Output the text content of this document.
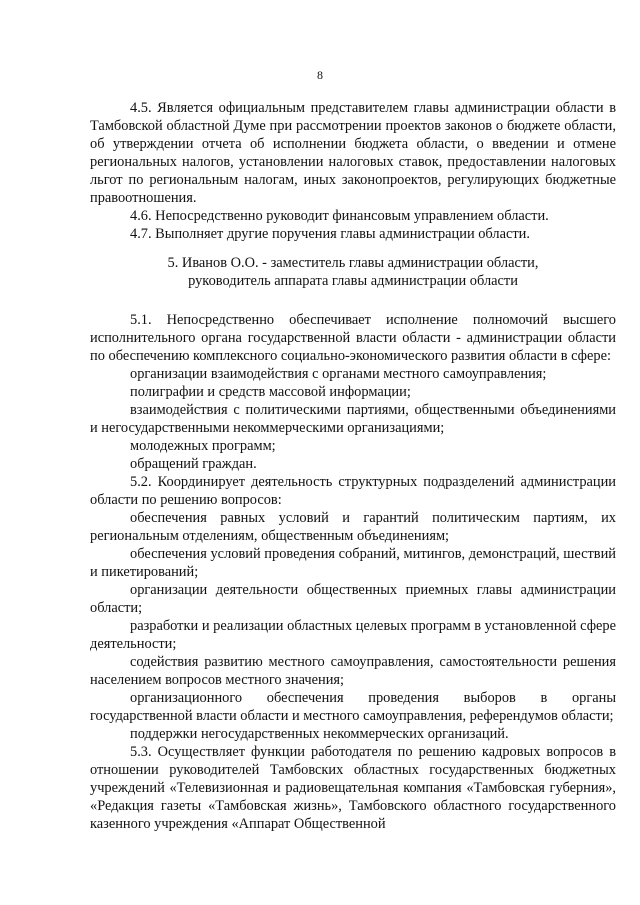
8

4.5. Является официальным представителем главы администрации области в Тамбовской областной Думе при рассмотрении проектов законов о бюджете области, об утверждении отчета об исполнении бюджета области, о введении и отмене региональных налогов, установлении налоговых ставок, предоставлении налоговых льгот по региональным налогам, иных законопроектов, регулирующих бюджетные правоотношения.

4.6. Непосредственно руководит финансовым управлением области.

4.7. Выполняет другие поручения главы администрации области.

5. Иванов О.О. - заместитель главы администрации области,

руководитель аппарата главы администрации области

5.1. Непосредственно обеспечивает исполнение полномочий высшего исполнительного органа государственной власти области - администрации области по обеспечению комплексного социально-экономического развития области в сфере:

организации взаимодействия с органами местного самоуправления;

полиграфии и средств массовой информации;

взаимодействия с политическими партиями, общественными объединениями и негосударственными некоммерческими организациями;

молодежных программ;

обращений граждан.

5.2. Координирует деятельность структурных подразделений администрации области по решению вопросов:

обеспечения равных условий и гарантий политическим партиям, их региональным отделениям, общественным объединениям;

обеспечения условий проведения собраний, митингов, демонстраций, шествий и пикетирований;

организации деятельности общественных приемных главы администрации области;

разработки и реализации областных целевых программ в установленной сфере деятельности;

содействия развитию местного самоуправления, самостоятельности решения населением вопросов местного значения;

организационного обеспечения проведения выборов в органы государственной власти области и местного самоуправления, референдумов области;

поддержки негосударственных некоммерческих организаций.

5.3. Осуществляет функции работодателя по решению кадровых вопросов в отношении руководителей Тамбовских областных государственных бюджетных учреждений «Телевизионная и радиовещательная компания «Тамбовская губерния», «Редакция газеты «Тамбовская жизнь», Тамбовского областного государственного казенного учреждения «Аппарат Общественной
